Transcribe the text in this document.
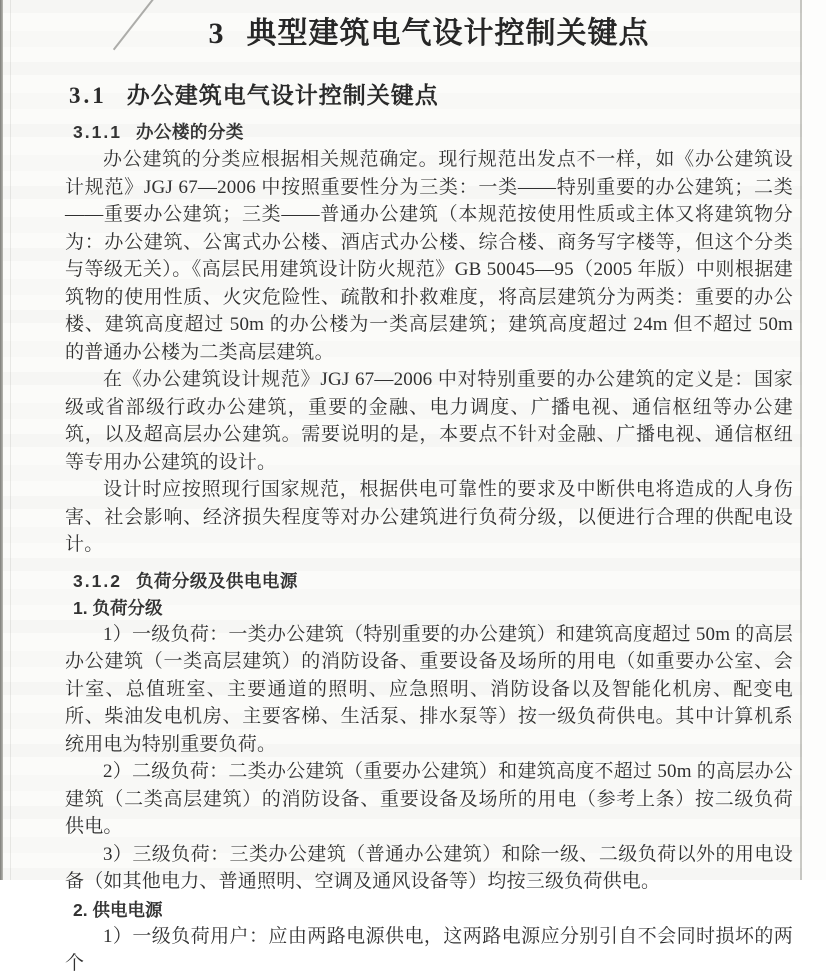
3 典型建筑电气设计控制关键点
3.1 办公建筑电气设计控制关键点
3.1.1 办公楼的分类

办公建筑的分类应根据相关规范确定。现行规范出发点不一样，如《办公建筑设计规范》JGJ 67—2006 中按照重要性分为三类：一类——特别重要的办公建筑；二类——重要办公建筑；三类——普通办公建筑（本规范按使用性质或主体又将建筑物分为：办公建筑、公寓式办公楼、酒店式办公楼、综合楼、商务写字楼等，但这个分类与等级无关）。《高层民用建筑设计防火规范》GB 50045—95（2005 年版）中则根据建筑物的使用性质、火灾危险性、疏散和扑救难度，将高层建筑分为两类：重要的办公楼、建筑高度超过 50m 的办公楼为一类高层建筑；建筑高度超过 24m 但不超过 50m 的普通办公楼为二类高层建筑。

在《办公建筑设计规范》JGJ 67—2006 中对特别重要的办公建筑的定义是：国家级或省部级行政办公建筑，重要的金融、电力调度、广播电视、通信枢纽等办公建筑，以及超高层办公建筑。需要说明的是，本要点不针对金融、广播电视、通信枢纽等专用办公建筑的设计。

设计时应按照现行国家规范，根据供电可靠性的要求及中断供电将造成的人身伤害、社会影响、经济损失程度等对办公建筑进行负荷分级，以便进行合理的供配电设计。

3.1.2 负荷分级及供电电源
1. 负荷分级

1）一级负荷：一类办公建筑（特别重要的办公建筑）和建筑高度超过 50m 的高层办公建筑（一类高层建筑）的消防设备、重要设备及场所的用电（如重要办公室、会计室、总值班室、主要通道的照明、应急照明、消防设备以及智能化机房、配变电所、柴油发电机房、主要客梯、生活泵、排水泵等）按一级负荷供电。其中计算机系统用电为特别重要负荷。

2）二级负荷：二类办公建筑（重要办公建筑）和建筑高度不超过 50m 的高层办公建筑（二类高层建筑）的消防设备、重要设备及场所的用电（参考上条）按二级负荷供电。

3）三级负荷：三类办公建筑（普通办公建筑）和除一级、二级负荷以外的用电设备（如其他电力、普通照明、空调及通风设备等）均按三级负荷供电。

2. 供电电源

1）一级负荷用户：应由两路电源供电，这两路电源应分别引自不会同时损坏的两个
